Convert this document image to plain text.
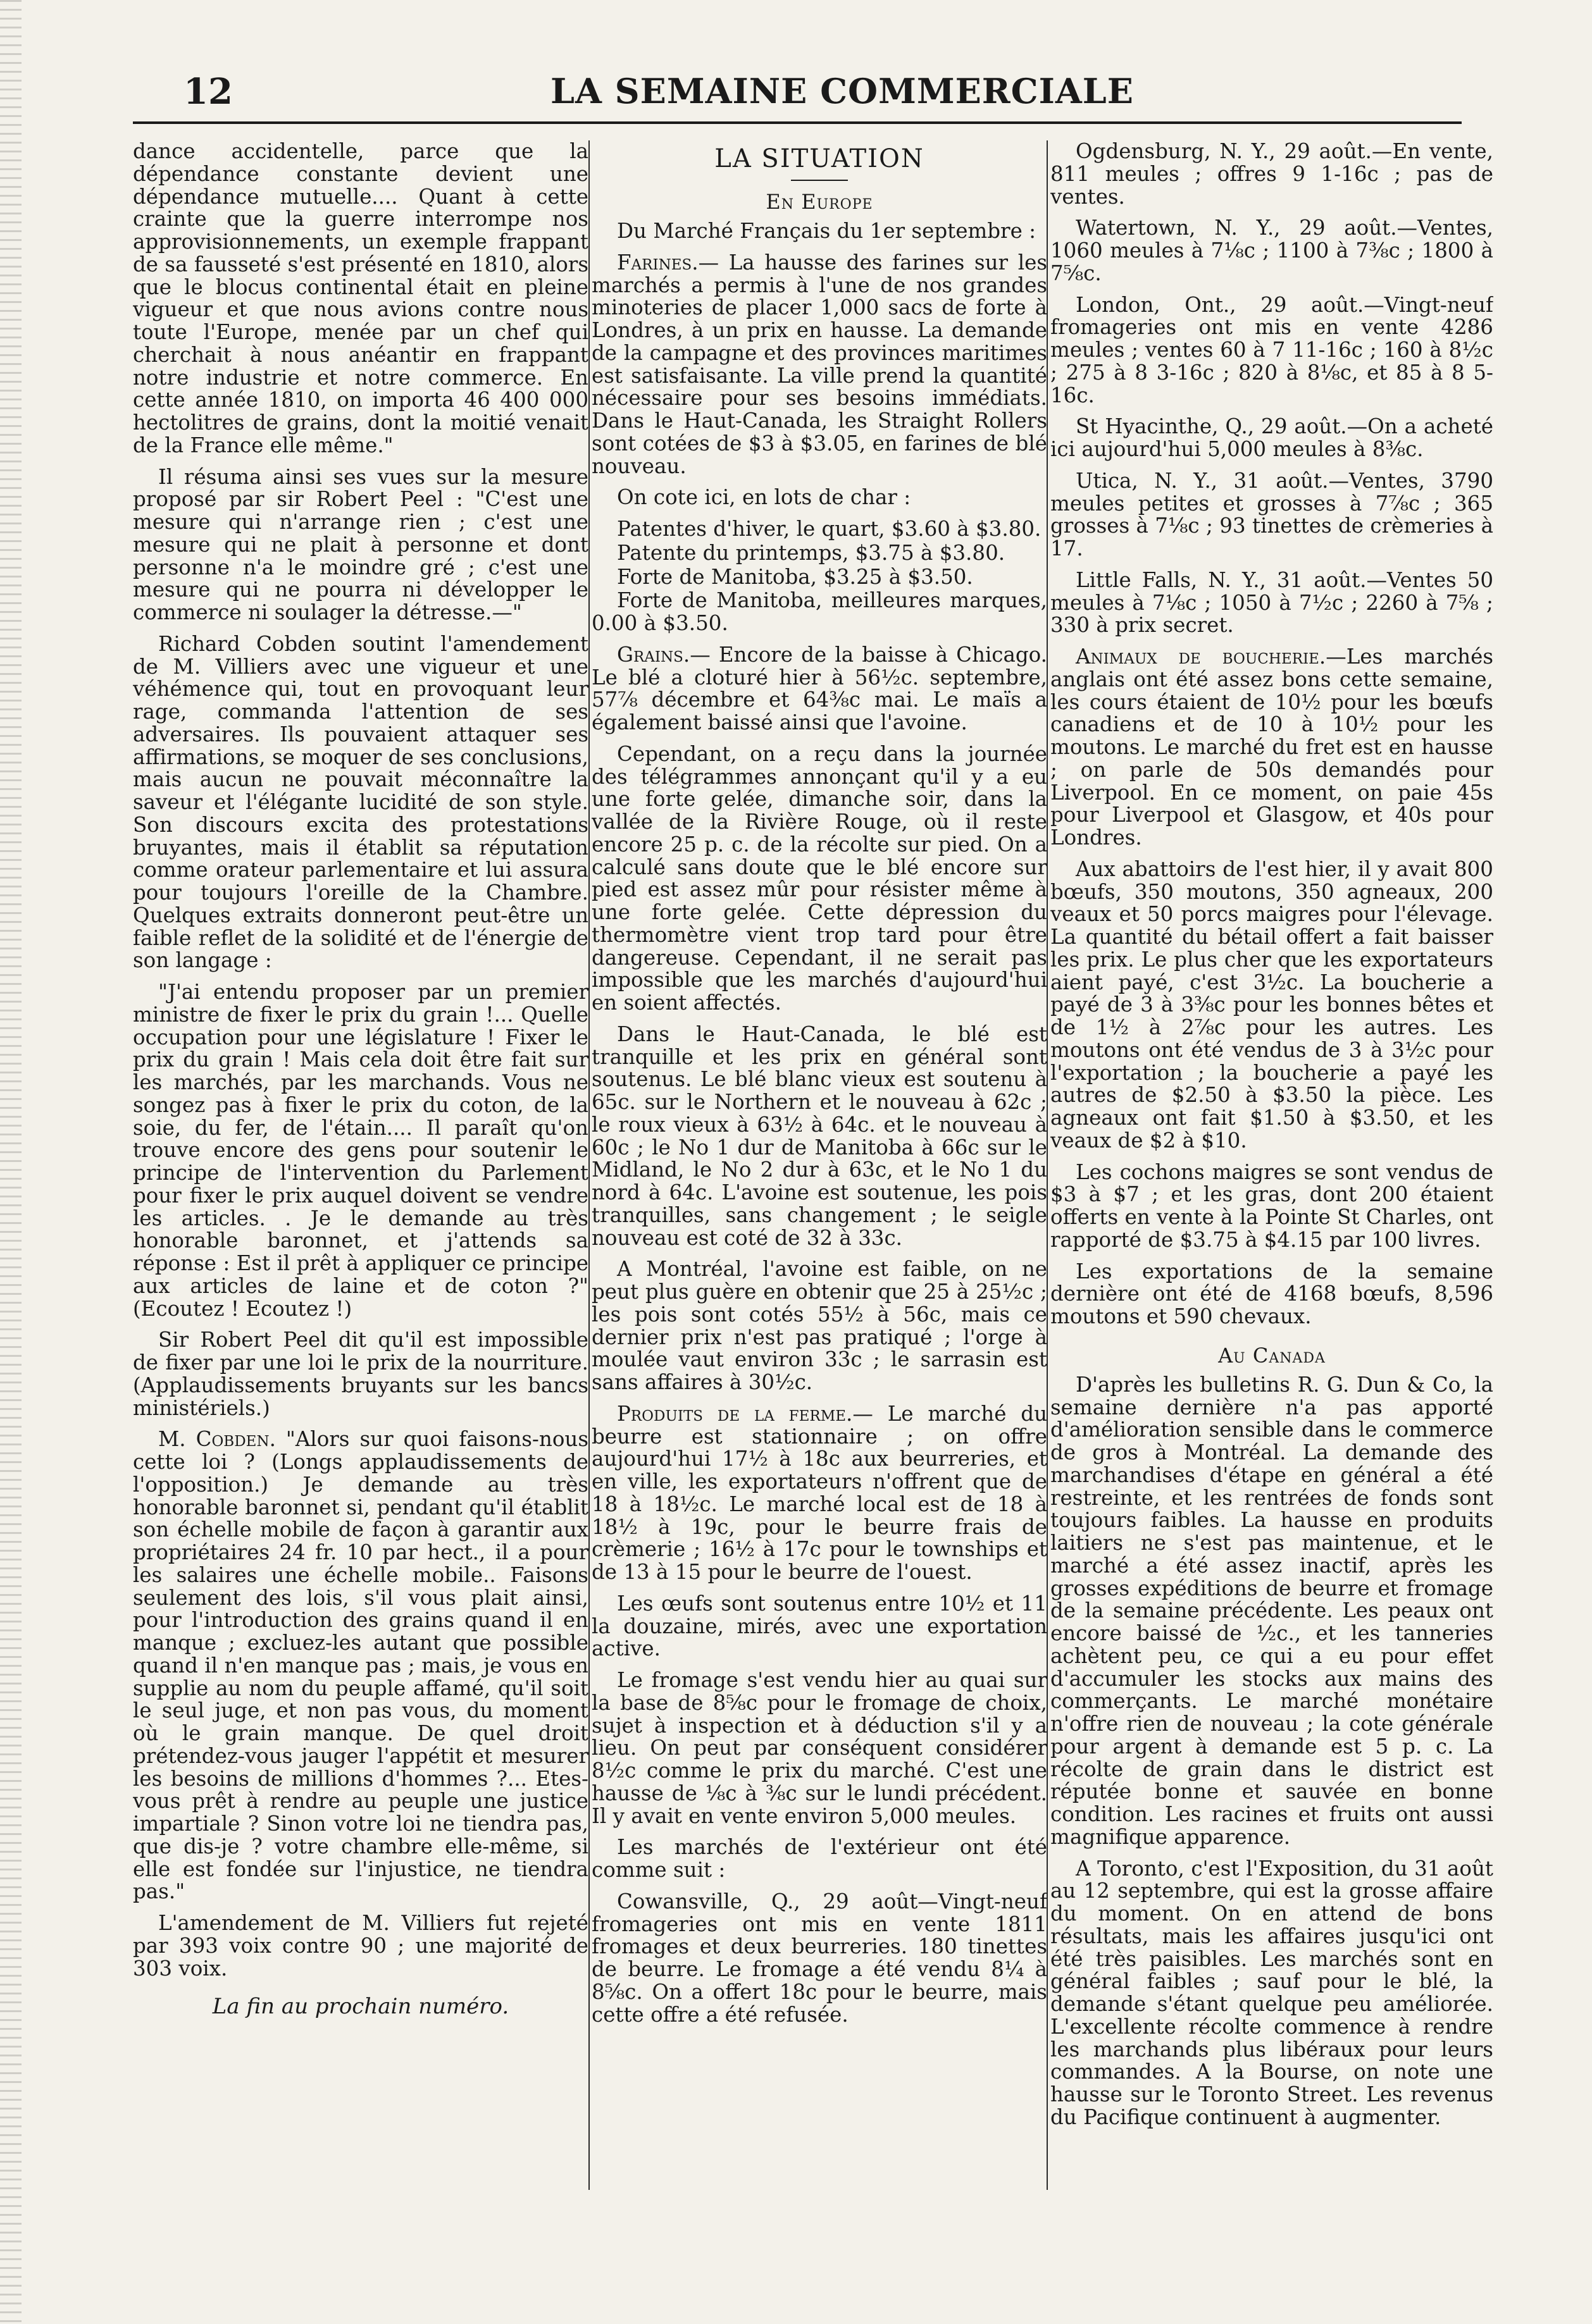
12	LA SEMAINE COMMERCIALE

dance accidentelle, parce que la dépendance constante devient une dépendance mutuelle.... Quant à cette crainte que la guerre interrompe nos approvisionnements, un exemple frappant de sa fausseté s'est présenté en 1810, alors que le blocus continental était en pleine vigueur et que nous avions contre nous toute l'Europe, menée par un chef qui cherchait à nous anéantir en frappant notre industrie et notre commerce. En cette année 1810, on importa 46 400 000 hectolitres de grains, dont la moitié venait de la France elle même."

Il résuma ainsi ses vues sur la mesure proposé par sir Robert Peel : "C'est une mesure qui n'arrange rien ; c'est une mesure qui ne plait à personne et dont personne n'a le moindre gré ; c'est une mesure qui ne pourra ni développer le commerce ni soulager la détresse.—"

Richard Cobden soutint l'amendement de M. Villiers avec une vigueur et une véhémence qui, tout en provoquant leur rage, commanda l'attention de ses adversaires. Ils pouvaient attaquer ses affirmations, se moquer de ses conclusions, mais aucun ne pouvait méconnaître la saveur et l'élégante lucidité de son style. Son discours excita des protestations bruyantes, mais il établit sa réputation comme orateur parlementaire et lui assura pour toujours l'oreille de la Chambre. Quelques extraits donneront peut-être un faible reflet de la solidité et de l'énergie de son langage :

"J'ai entendu proposer par un premier ministre de fixer le prix du grain !... Quelle occupation pour une législature ! Fixer le prix du grain ! Mais cela doit être fait sur les marchés, par les marchands. Vous ne songez pas à fixer le prix du coton, de la soie, du fer, de l'étain.... Il paraît qu'on trouve encore des gens pour soutenir le principe de l'intervention du Parlement pour fixer le prix auquel doivent se vendre les articles. . Je le demande au très honorable baronnet, et j'attends sa réponse : Est il prêt à appliquer ce principe aux articles de laine et de coton ?" (Ecoutez ! Ecoutez !)

Sir Robert Peel dit qu'il est impossible de fixer par une loi le prix de la nourriture. (Applaudissements bruyants sur les bancs ministériels.)

M. Cobden. "Alors sur quoi faisons-nous cette loi ? (Longs applaudissements de l'opposition.) Je demande au très honorable baronnet si, pendant qu'il établit son échelle mobile de façon à garantir aux propriétaires 24 fr. 10 par hect., il a pour les salaires une échelle mobile.. Faisons seulement des lois, s'il vous plait ainsi, pour l'introduction des grains quand il en manque ; excluez-les autant que possible quand il n'en manque pas ; mais, je vous en supplie au nom du peuple affamé, qu'il soit le seul juge, et non pas vous, du moment où le grain manque. De quel droit prétendez-vous jauger l'appétit et mesurer les besoins de millions d'hommes ?... Etes-vous prêt à rendre au peuple une justice impartiale ? Sinon votre loi ne tiendra pas, que dis-je ? votre chambre elle-même, si elle est fondée sur l'injustice, ne tiendra pas."

L'amendement de M. Villiers fut rejeté par 393 voix contre 90 ; une majorité de 303 voix.

La fin au prochain numéro.

LA SITUATION
En Europe

Du Marché Français du 1er septembre :

Farines.— La hausse des farines sur les marchés a permis à l'une de nos grandes minoteries de placer 1,000 sacs de forte à Londres, à un prix en hausse. La demande de la campagne et des provinces maritimes est satisfaisante. La ville prend la quantité nécessaire pour ses besoins immédiats. Dans le Haut-Canada, les Straight Rollers sont cotées de $3 à $3.05, en farines de blé nouveau.

On cote ici, en lots de char :

Patentes d'hiver, le quart, $3.60 à $3.80.

Patente du printemps, $3.75 à $3.80.

Forte de Manitoba, $3.25 à $3.50.

Forte de Manitoba, meilleures marques, 0.00 à $3.50.

Grains.— Encore de la baisse à Chicago. Le blé a cloturé hier à 56½c. septembre, 57⅞ décembre et 64⅜c mai. Le maïs a également baissé ainsi que l'avoine.

Cependant, on a reçu dans la journée des télégrammes annonçant qu'il y a eu une forte gelée, dimanche soir, dans la vallée de la Rivière Rouge, où il reste encore 25 p. c. de la récolte sur pied. On a calculé sans doute que le blé encore sur pied est assez mûr pour résister même à une forte gelée. Cette dépression du thermomètre vient trop tard pour être dangereuse. Cependant, il ne serait pas impossible que les marchés d'aujourd'hui en soient affectés.

Dans le Haut-Canada, le blé est tranquille et les prix en général sont soutenus. Le blé blanc vieux est soutenu à 65c. sur le Northern et le nouveau à 62c ; le roux vieux à 63½ à 64c. et le nouveau à 60c ; le No 1 dur de Manitoba à 66c sur le Midland, le No 2 dur à 63c, et le No 1 du nord à 64c. L'avoine est soutenue, les pois tranquilles, sans changement ; le seigle nouveau est coté de 32 à 33c.

A Montréal, l'avoine est faible, on ne peut plus guère en obtenir que 25 à 25½c ; les pois sont cotés 55½ à 56c, mais ce dernier prix n'est pas pratiqué ; l'orge à moulée vaut environ 33c ; le sarrasin est sans affaires à 30½c.

Produits de la ferme.— Le marché du beurre est stationnaire ; on offre aujourd'hui 17½ à 18c aux beurreries, et en ville, les exportateurs n'offrent que de 18 à 18½c. Le marché local est de 18 à 18½ à 19c, pour le beurre frais de crèmerie ; 16½ à 17c pour le townships et de 13 à 15 pour le beurre de l'ouest.

Les œufs sont soutenus entre 10½ et 11 la douzaine, mirés, avec une exportation active.

Le fromage s'est vendu hier au quai sur la base de 8⅝c pour le fromage de choix, sujet à inspection et à déduction s'il y a lieu. On peut par conséquent considérer 8½c comme le prix du marché. C'est une hausse de ⅛c à ⅜c sur le lundi précédent. Il y avait en vente environ 5,000 meules.

Les marchés de l'extérieur ont été comme suit :

Cowansville, Q., 29 août—Vingt-neuf fromageries ont mis en vente 1811 fromages et deux beurreries. 180 tinettes de beurre. Le fromage a été vendu 8¼ à 8⅝c. On a offert 18c pour le beurre, mais cette offre a été refusée.

Ogdensburg, N. Y., 29 août.—En vente, 811 meules ; offres 9 1-16c ; pas de ventes.

Watertown, N. Y., 29 août.—Ventes, 1060 meules à 7⅛c ; 1100 à 7⅜c ; 1800 à 7⅝c.

London, Ont., 29 août.—Vingt-neuf fromageries ont mis en vente 4286 meules ; ventes 60 à 7 11-16c ; 160 à 8½c ; 275 à 8 3-16c ; 820 à 8⅛c, et 85 à 8 5-16c.

St Hyacinthe, Q., 29 août.—On a acheté ici aujourd'hui 5,000 meules à 8⅜c.

Utica, N. Y., 31 août.—Ventes, 3790 meules petites et grosses à 7⅞c ; 365 grosses à 7⅛c ; 93 tinettes de crèmeries à 17.

Little Falls, N. Y., 31 août.—Ventes 50 meules à 7⅛c ; 1050 à 7½c ; 2260 à 7⅝ ; 330 à prix secret.

Animaux de boucherie.—Les marchés anglais ont été assez bons cette semaine, les cours étaient de 10½ pour les bœufs canadiens et de 10 à 10½ pour les moutons. Le marché du fret est en hausse ; on parle de 50s demandés pour Liverpool. En ce moment, on paie 45s pour Liverpool et Glasgow, et 40s pour Londres.

Aux abattoirs de l'est hier, il y avait 800 bœufs, 350 moutons, 350 agneaux, 200 veaux et 50 porcs maigres pour l'élevage. La quantité du bétail offert a fait baisser les prix. Le plus cher que les exportateurs aient payé, c'est 3½c. La boucherie a payé de 3 à 3⅜c pour les bonnes bêtes et de 1½ à 2⅞c pour les autres. Les moutons ont été vendus de 3 à 3½c pour l'exportation ; la boucherie a payé les autres de $2.50 à $3.50 la pièce. Les agneaux ont fait $1.50 à $3.50, et les veaux de $2 à $10.

Les cochons maigres se sont vendus de $3 à $7 ; et les gras, dont 200 étaient offerts en vente à la Pointe St Charles, ont rapporté de $3.75 à $4.15 par 100 livres.

Les exportations de la semaine dernière ont été de 4168 bœufs, 8,596 moutons et 590 chevaux.

Au Canada

D'après les bulletins R. G. Dun & Co, la semaine dernière n'a pas apporté d'amélioration sensible dans le commerce de gros à Montréal. La demande des marchandises d'étape en général a été restreinte, et les rentrées de fonds sont toujours faibles. La hausse en produits laitiers ne s'est pas maintenue, et le marché a été assez inactif, après les grosses expéditions de beurre et fromage de la semaine précédente. Les peaux ont encore baissé de ½c., et les tanneries achètent peu, ce qui a eu pour effet d'accumuler les stocks aux mains des commerçants. Le marché monétaire n'offre rien de nouveau ; la cote générale pour argent à demande est 5 p. c. La récolte de grain dans le district est réputée bonne et sauvée en bonne condition. Les racines et fruits ont aussi magnifique apparence.

A Toronto, c'est l'Exposition, du 31 août au 12 septembre, qui est la grosse affaire du moment. On en attend de bons résultats, mais les affaires jusqu'ici ont été très paisibles. Les marchés sont en général faibles ; sauf pour le blé, la demande s'étant quelque peu améliorée. L'excellente récolte commence à rendre les marchands plus libéraux pour leurs commandes. A la Bourse, on note une hausse sur le Toronto Street. Les revenus du Pacifique continuent à augmenter.
